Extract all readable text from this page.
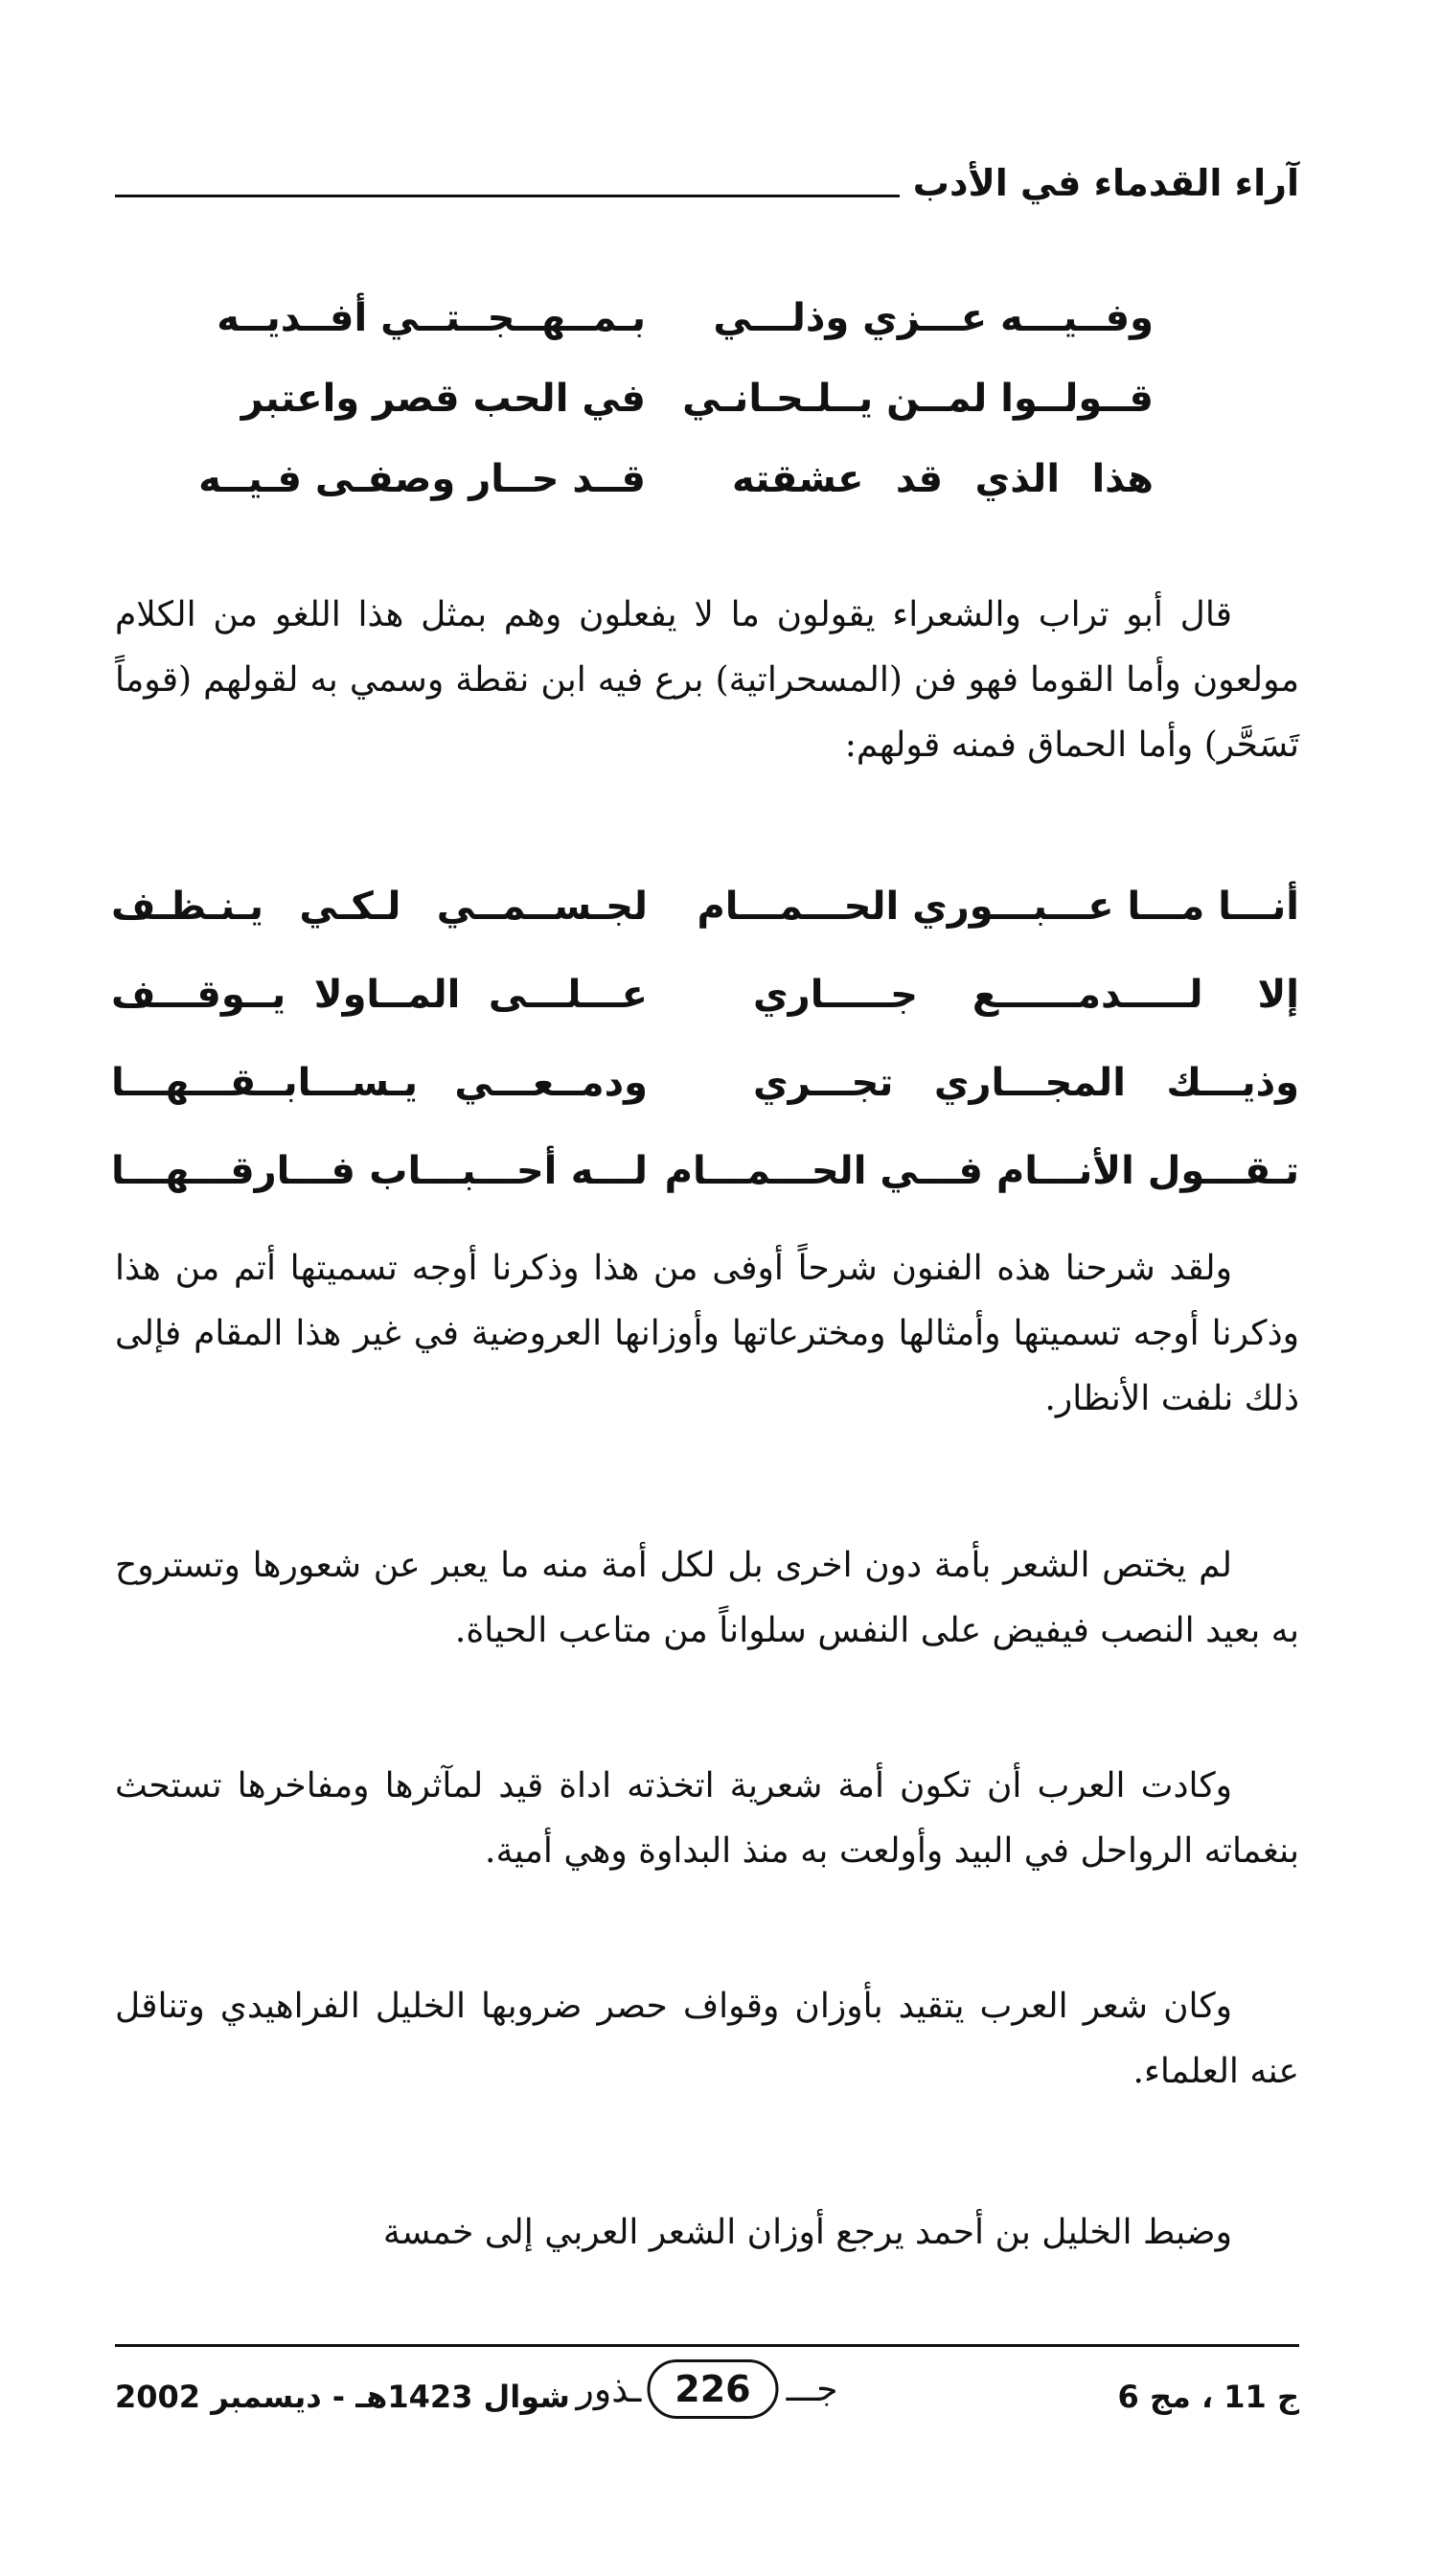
آراء القدماء في الأدب
وفــيـــه عـــزي وذلـــي
بـمــهــجــتــي أفــديــه
قــولــوا لمــن يــلـحـانـي
في الحب قصر واعتبر
هذا الذي قد عشقته
قــد حــار وصفـى فـيــه

قال أبو تراب والشعراء يقولون ما لا يفعلون وهم بمثل هذا اللغو من الكلام مولعون وأما القوما فهو فن (المسحراتية) برع فيه ابن نقطة وسمي به لقولهم (قوماً تَسَحَّر) وأما الحماق فمنه قولهم:

أنـــا مـــا عـــبـــوري الحـــمـــام
لجـســمــي لـكـي يـنـظـف
إلا لـــــدمــــــع جـــــاري
عـــلـــى المــاولا يــوقـــف
وذيـــك المجـــاري تجـــري
ودمــعـــي يـســـابــقـــهـــا
تـقـــول الأنـــام فـــي الحـــمـــام
لـــه أحـــبـــاب فـــارقـــهـــا

ولقد شرحنا هذه الفنون شرحاً أوفى من هذا وذكرنا أوجه تسميتها أتم من هذا وذكرنا أوجه تسميتها وأمثالها ومخترعاتها وأوزانها العروضية في غير هذا المقام فإلى ذلك نلفت الأنظار.

لم يختص الشعر بأمة دون اخرى بل لكل أمة منه ما يعبر عن شعورها وتستروح به بعيد النصب فيفيض على النفس سلواناً من متاعب الحياة.

وكادت العرب أن تكون أمة شعرية اتخذته اداة قيد لمآثرها ومفاخرها تستحث بنغماته الرواحل في البيد وأولعت به منذ البداوة وهي أمية.

وكان شعر العرب يتقيد بأوزان وقواف حصر ضروبها الخليل الفراهيدي وتناقل عنه العلماء.

وضبط الخليل بن أحمد يرجع أوزان الشعر العربي إلى خمسة

ج 11 ، مج 6
جـــ
226
ـذور
شوال 1423هـ - ديسمبر 2002
